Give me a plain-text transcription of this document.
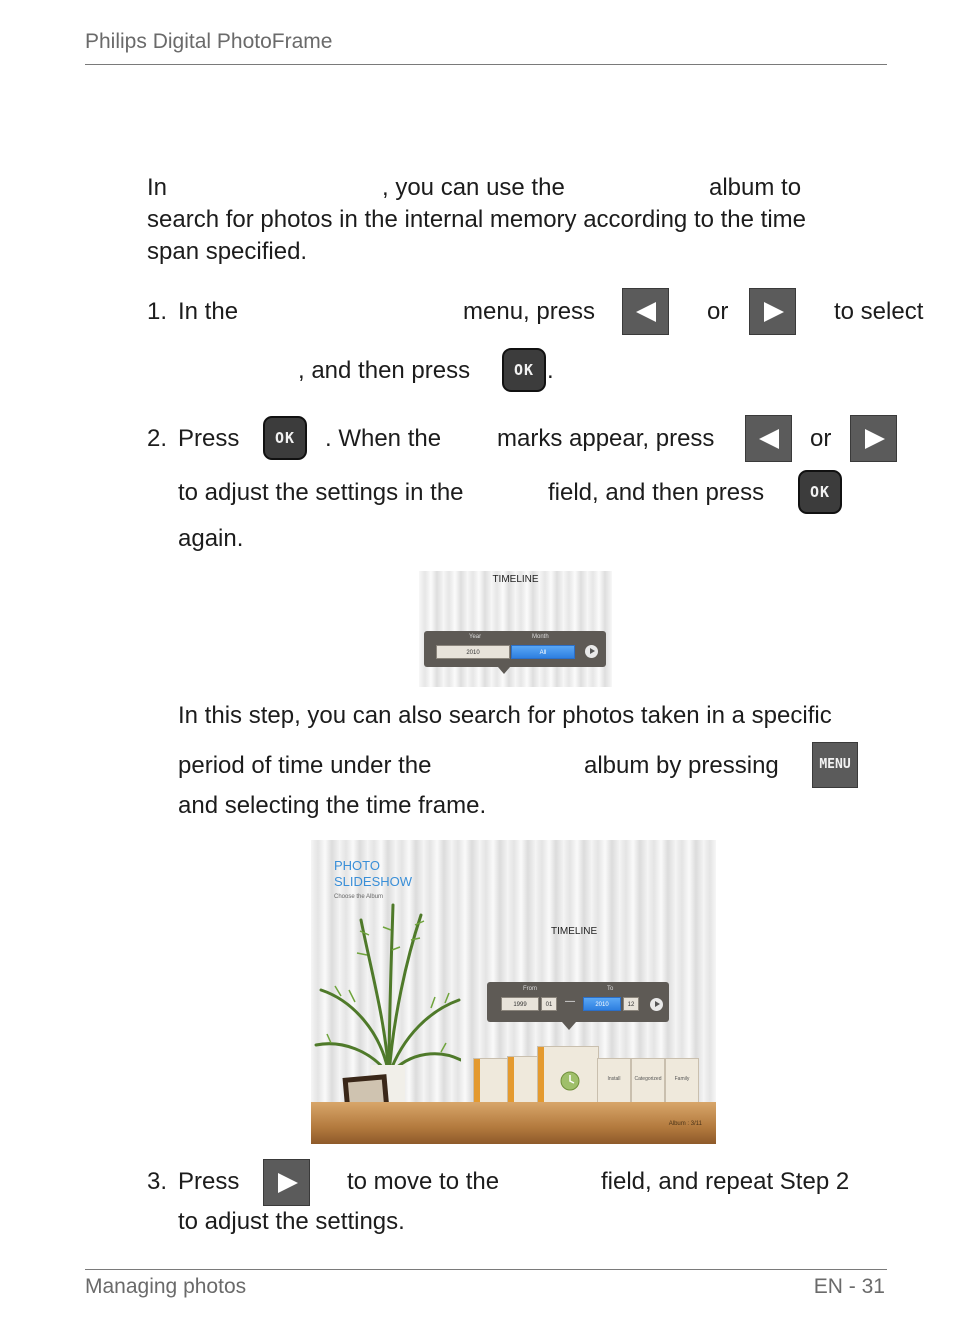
Philips Digital PhotoFrame
In	, you can use the	album to
search for photos in the internal memory according to the time
span specified.
1. In the	menu, press	or	to select
, and then press	OK .
2. Press	OK	. When the marks appear, press	or
to adjust the settings in the	field, and then press	OK
again.
TIMELINE
Year
2010
Month
All
In this step, you can also search for photos taken in a specific
period of time under the	album by pressing	MENU
and selecting the time frame.
PHOTO
SLIDESHOW
Choose the Album
TIMELINE
From
1999	01	—
To
2010	12
Install	Categorized	Family
Album : 3/11
3. Press	to move to the	field, and repeat Step 2
to adjust the settings.
Managing photos	EN - 31
